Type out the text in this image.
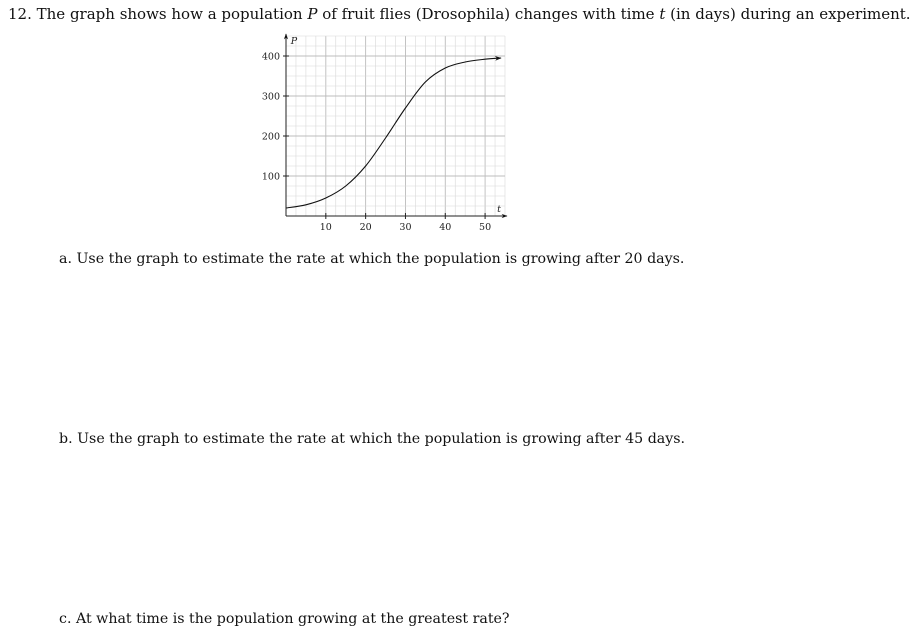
12. The graph shows how a population P of fruit flies (Drosophila) changes with time t (in days) during an experiment.
t
P
10	20	30	40	50
100
200
300
400
a. Use the graph to estimate the rate at which the population is growing after 20 days.
b. Use the graph to estimate the rate at which the population is growing after 45 days.
c. At what time is the population growing at the greatest rate?
